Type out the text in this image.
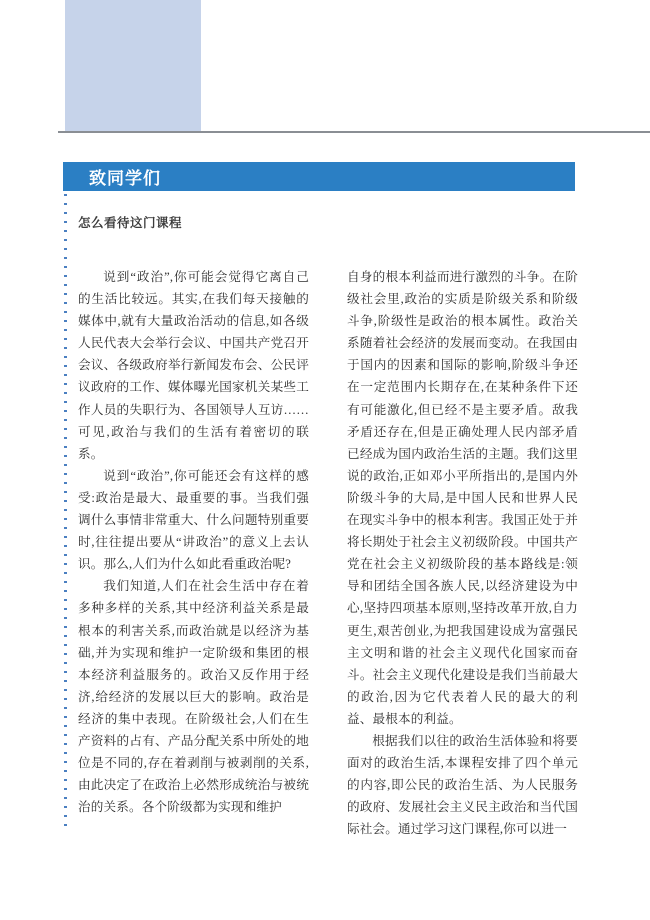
致同学们
怎么看待这门课程

说到“政治”,你可能会觉得它离自己的生活比较远。其实,在我们每天接触的媒体中,就有大量政治活动的信息,如各级人民代表大会举行会议、中国共产党召开会议、各级政府举行新闻发布会、公民评议政府的工作、媒体曝光国家机关某些工作人员的失职行为、各国领导人互访……可见,政治与我们的生活有着密切的联系。

说到“政治”,你可能还会有这样的感受:政治是最大、最重要的事。当我们强调什么事情非常重大、什么问题特别重要时,往往提出要从“讲政治”的意义上去认识。那么,人们为什么如此看重政治呢?

我们知道,人们在社会生活中存在着多种多样的关系,其中经济利益关系是最根本的利害关系,而政治就是以经济为基础,并为实现和维护一定阶级和集团的根本经济利益服务的。政治又反作用于经济,给经济的发展以巨大的影响。政治是经济的集中表现。在阶级社会,人们在生产资料的占有、产品分配关系中所处的地位是不同的,存在着剥削与被剥削的关系,由此决定了在政治上必然形成统治与被统治的关系。各个阶级都为实现和维护

自身的根本利益而进行激烈的斗争。在阶级社会里,政治的实质是阶级关系和阶级斗争,阶级性是政治的根本属性。政治关系随着社会经济的发展而变动。在我国由于国内的因素和国际的影响,阶级斗争还在一定范围内长期存在,在某种条件下还有可能激化,但已经不是主要矛盾。敌我矛盾还存在,但是正确处理人民内部矛盾已经成为国内政治生活的主题。我们这里说的政治,正如邓小平所指出的,是国内外阶级斗争的大局,是中国人民和世界人民在现实斗争中的根本利害。我国正处于并将长期处于社会主义初级阶段。中国共产党在社会主义初级阶段的基本路线是:领导和团结全国各族人民,以经济建设为中心,坚持四项基本原则,坚持改革开放,自力更生,艰苦创业,为把我国建设成为富强民主文明和谐的社会主义现代化国家而奋斗。社会主义现代化建设是我们当前最大的政治,因为它代表着人民的最大的利益、最根本的利益。

根据我们以往的政治生活体验和将要面对的政治生活,本课程安排了四个单元的内容,即公民的政治生活、为人民服务的政府、发展社会主义民主政治和当代国际社会。通过学习这门课程,你可以进一
